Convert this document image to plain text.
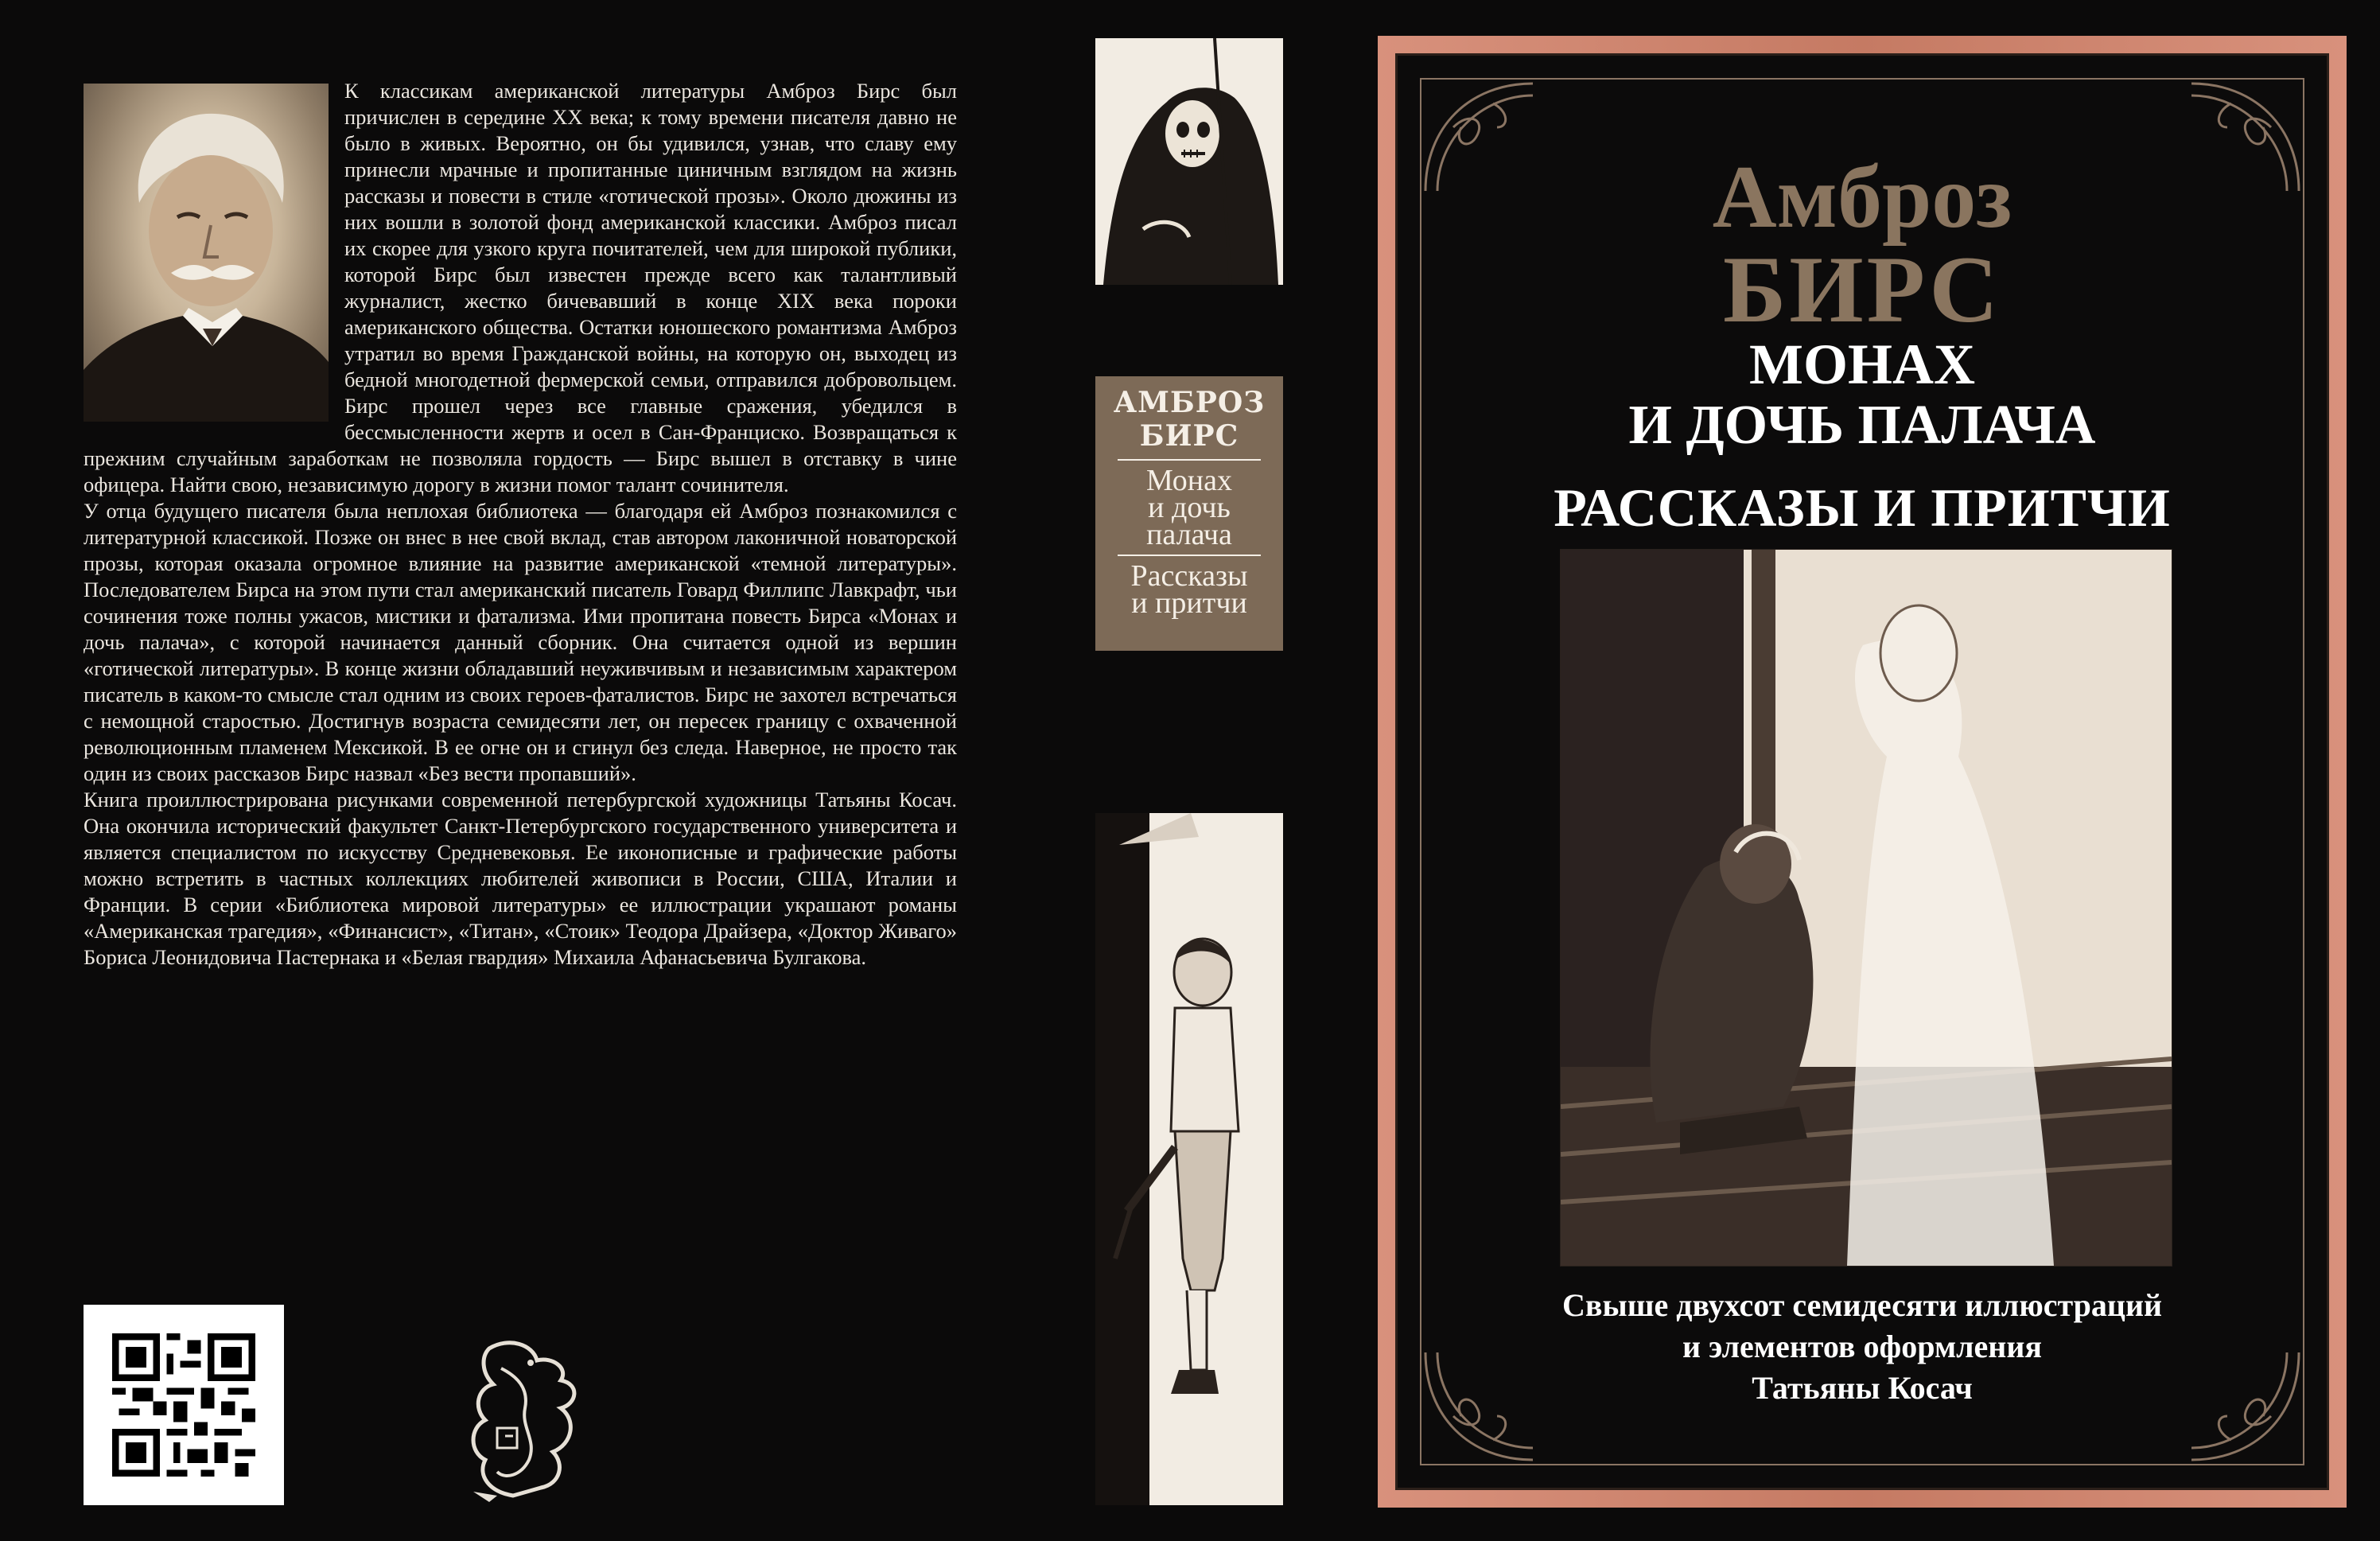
К классикам американской литературы Амброз Бирс был причислен в середине XX века; к тому времени писателя давно не было в живых. Вероятно, он бы удивился, узнав, что славу ему принесли мрачные и пропитанные циничным взглядом на жизнь рассказы и повести в стиле «готической прозы». Около дюжины из них вошли в золотой фонд американской классики. Амброз писал их скорее для узкого круга почитателей, чем для широкой публики, которой Бирс был известен прежде всего как талантливый журналист, жестко бичевавший в конце XIX века пороки американского общества. Остатки юношеского романтизма Амброз утратил во время Гражданской войны, на которую он, выходец из бедной многодетной фермерской семьи, отправился добровольцем. Бирс прошел через все главные сражения, убедился в бессмысленности жертв и осел в Сан-Франциско. Возвращаться к прежним случайным заработкам не позволяла гордость — Бирс вышел в отставку в чине офицера. Найти свою, независимую дорогу в жизни помог талант сочинителя.

У отца будущего писателя была неплохая библиотека — благодаря ей Амброз познакомился с литературной классикой. Позже он внес в нее свой вклад, став автором лаконичной новаторской прозы, которая оказала огромное влияние на развитие американской «темной литературы». Последователем Бирса на этом пути стал американский писатель Говард Филлипс Лавкрафт, чьи сочинения тоже полны ужасов, мистики и фатализма. Ими пропитана повесть Бирса «Монах и дочь палача», с которой начинается данный сборник. Она считается одной из вершин «готической литературы». В конце жизни обладавший неуживчивым и независимым характером писатель в каком-то смысле стал одним из своих героев-фаталистов. Бирс не захотел встречаться с немощной старостью. Достигнув возраста семидесяти лет, он пересек границу с охваченной революционным пламенем Мексикой. В ее огне он и сгинул без следа. Наверное, не просто так один из своих рассказов Бирс назвал «Без вести пропавший».

Книга проиллюстрирована рисунками современной петербургской художницы Татьяны Косач. Она окончила исторический факультет Санкт-Петербургского государственного университета и является специалистом по искусству Средневековья. Ее иконописные и графические работы можно встретить в частных коллекциях любителей живописи в России, США, Италии и Франции. В серии «Библиотека мировой литературы» ее иллюстрации украшают романы «Американская трагедия», «Финансист», «Титан», «Стоик» Теодора Драйзера, «Доктор Живаго» Бориса Леонидовича Пастернака и «Белая гвардия» Михаила Афанасьевича Булгакова.

АМБРОЗ
БИРС
Монах
и дочь
палача
Рассказы
и притчи
Амброз
БИРС
МОНАХ
И ДОЧЬ ПАЛАЧА
РАССКАЗЫ И ПРИТЧИ
Свыше двухсот семидесяти иллюстраций
и элементов оформления
Татьяны Косач
